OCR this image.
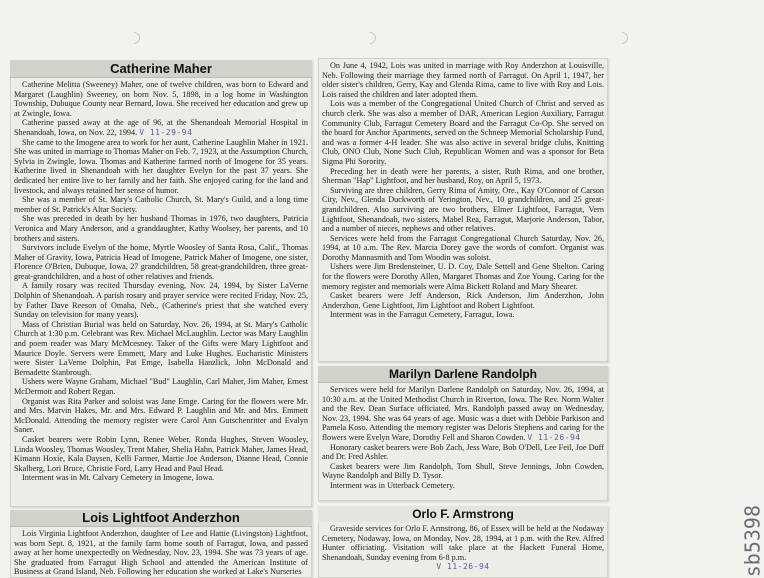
Catherine Maher

Catherine Melitta (Sweeney) Maher, one of twelve children, was born to Edward and Margaret (Laughlin) Sweeney, on born Nov. 5, 1898, in a log home in Washington Township, Dubuque County near Bernard, Iowa. She received her education and grew up at Zwingle, Iowa.

Catherine passed away at the age of 96, at the Shenandoah Memorial Hospital in Shenandoah, Iowa, on Nov. 22, 1994. V 11-29-94

She came to the Imogene area to work for her aunt, Catherine Laughlin Maher in 1921. She was united in marriage to Thomas Maher on Feb. 7, 1923, at the Assumption Church, Sylvia in Zwingle, Iowa. Thomas and Katherine farmed north of Imogene for 35 years. Katherine lived in Shenandoah with her daughter Evelyn for the past 37 years. She dedicated her entire live to her family and her faith. She enjoyed caring for the land and livestock, and always retained her sense of humor.

She was a member of St. Mary's Catholic Church, St. Mary's Guild, and a long time member of St. Patrick's Altar Society.

She was preceded in death by her husband Thomas in 1976, two daughters, Patricia Veronica and Mary Anderson, and a granddaughter, Kathy Woolsey, her parents, and 10 brothers and sisters.

Survivors include Evelyn of the home, Myrtle Woosley of Santa Rosa, Calif., Thomas Maher of Gravity, Iowa, Patricia Head of Imogene, Patrick Maher of Imogene, one sister, Florence O'Brien, Dubuque, Iowa, 27 grandchildren, 58 great-grandchildren, three great-great-grandchildren, and a host of other relatives and friends.

A family rosary was recited Thursday evening, Nov. 24, 1994, by Sister LaVerne Dolphin of Shenandoah. A parish rosary and prayer service were recited Friday, Nov. 25, by Father Dave Reeson of Omaha, Neb., (Catherine's priest that she watched every Sunday on television for many years).

Mass of Christian Burial was held on Saturday, Nov. 26, 1994, at St. Mary's Catholic Church at 1:30 p.m. Celebrant was Rev. Michael McLaughlin. Lector was Mary Laughlin and poem reader was Mary McMcesney. Taker of the Gifts were Mary Lightfoot and Maurice Doyle. Servers were Emmett, Mary and Luke Hughes. Eucharistic Ministers were Sister LaVerne Dolphin, Pat Emge, Isabella Hanzlick, John McDonald and Bernadette Stanbrough.

Ushers were Wayne Graham, Michael "Bud" Laughlin, Carl Maher, Jim Maher, Ernest McDermott and Robert Regan.

Organist was Rita Parker and soloist was Jane Emge. Caring for the flowers were Mr. and Mrs. Marvin Hakes, Mr. and Mrs. Edward P. Laughlin and Mr. and Mrs. Emmett McDonald. Attending the memory register were Carol Ann Gutschenritter and Evalyn Saner.

Casket bearers were Robin Lynn, Renee Weber, Ronda Hughes, Steven Woosley, Linda Woosley, Thomas Woosley, Trent Maher, Shelia Hahn, Patrick Maher, James Head, Kimann Hoxie, Kala Daysen, Kelli Farmer, Martie Joe Anderson, Dianne Head, Connie Skalberg, Lori Bruce, Christie Ford, Larry Head and Paul Head.

Interment was in Mt. Calvary Cemetery in Imogene, Iowa.

Lois Lightfoot Anderzhon

Lois Virginia Lightfoot Anderzhon, daughter of Lee and Hattie (Livingston) Lightfoot, was born Sept. 8, 1921, at the family farm home south of Farragut, Iowa, and passed away at her home unexpectedly on Wednesday, Nov. 23, 1994. She was 73 years of age. She graduated from Farragut High School and attended the American Institute of Business at Grand Island, Neb. Following her education she worked at Lake's Nurseries

On June 4, 1942, Lois was united in marriage with Roy Anderzhon at Louisville, Neb. Following their marriage they farmed north of Farragut. On April 1, 1947, her older sister's children, Gerry, Kay and Glenda Rima, came to live with Roy and Lois. Lois raised the children and later adopted them.

Lois was a member of the Congregational United Church of Christ and served as church clerk. She was also a member of DAR, American Legion Auxiliary, Farragut Community Club, Farragut Cemetery Board and the Farragut Co-Op. She served on the board for Anchor Apartments, served on the Schneep Memorial Scholarship Fund, and was a former 4-H leader. She was also active in several bridge clubs, Knitting Club, ONO Club, None Such Club, Republican Women and was a sponsor for Beta Sigma Phi Sorority.

Preceding her in death were her parents, a sister, Ruth Rima, and one brother, Sherman "Hap" Lightfoot, and her husband, Roy, on April 5, 1973.

Surviving are three children, Gerry Rima of Amity, Ore., Kay O'Connor of Carson City, Nev., Glenda Duckworth of Yerington, Nev., 10 grandchildren, and 25 great-grandchildren. Also surviving are two brothers, Elmer Lightfoot, Farragut, Vern Lightfoot, Shenandoah, two sisters, Mabel Rea, Farragut, Marjorie Anderson, Tabor, and a number of nieces, nephews and other relatives.

Services were held from the Farragut Congregational Church Saturday, Nov. 26, 1994, at 10 a.m. The Rev. Marcia Dorey gave the words of comfort. Organist was Dorothy Mannasmith and Tom Woodin was soloist.

Ushers were Jim Bredensteiner, U. D. Coy, Dale Settell and Gene Shelton. Caring for the flowers were Dorothy Allen, Margaret Thomas and Zoe Young. Caring for the memory register and memorials were Alma Bickett Roland and Mary Shearer.

Casket bearers were Jeff Anderson, Rick Anderson, Jim Anderzhon, John Anderzhon, Gene Lightfoot, Jim Lightfoot and Robert Lightfoot.

Interment was in the Farragut Cemetery, Farragut, Iowa.

Marilyn Darlene Randolph

Services were held for Marilyn Darlene Randolph on Saturday, Nov. 26, 1994, at 10:30 a.m. at the United Methodist Church in Riverton, Iowa. The Rev. Norm Walter and the Rev. Dean Surface officiated. Mrs. Randolph passed away on Wednesday, Nov. 23, 1994. She was 64 years of age. Music was a duet with Debbie Parkison and Pamela Koso. Attending the memory register was Deloris Stephens and caring for the flowers were Evelyn Ware, Dorothy Fell and Sharon Cowden. V 11-26-94

Honorary casket bearers were Bob Zach, Jess Ware, Bob O'Dell, Lee Feil, Joe Duff and Dr. Fred Ashler.

Casket bearers were Jim Randolph, Tom Shull, Steve Jennings, John Cowden, Wayne Randolph and Billy D. Tysor.

Interment was in Utterback Cemetery.

Orlo F. Armstrong

Graveside services for Orlo F. Armstrong, 86, of Essex will be held at the Nodaway Cemetery, Nodaway, Iowa, on Monday, Nov. 28, 1994, at 1 p.m. with the Rev. Alfred Hunter officiating. Visitation will take place at the Hackett Funeral Home, Shenandoah, Sunday evening from 6-8 p.m.

V 11-26-94	sb5398
